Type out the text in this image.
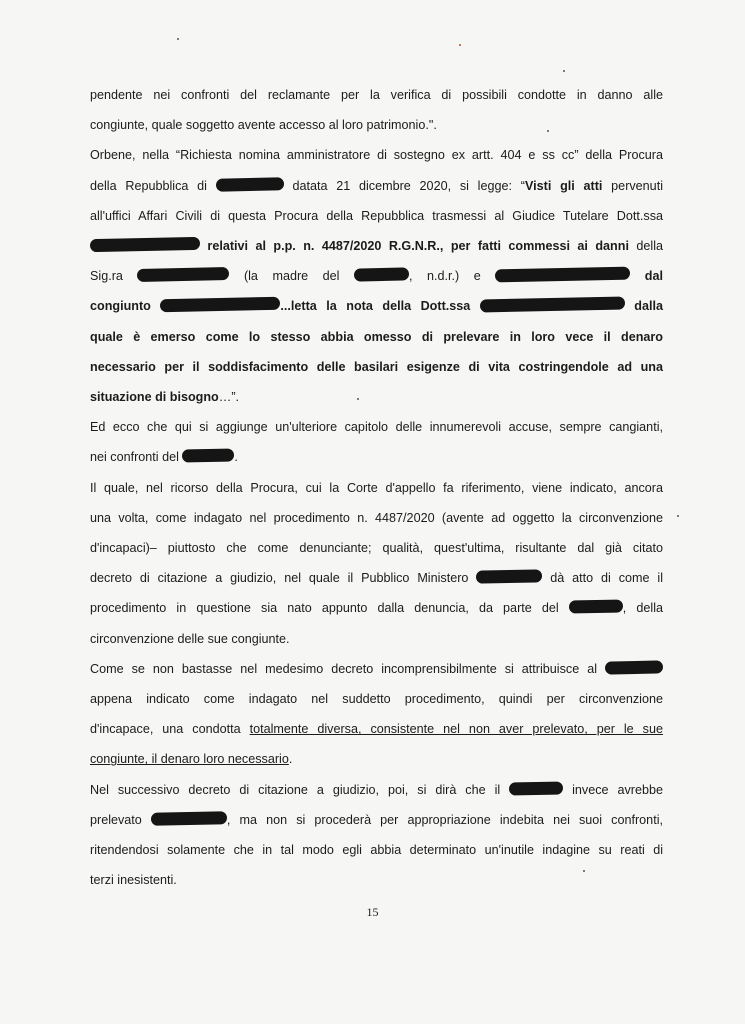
pendente nei confronti del reclamante per la verifica di possibili condotte in danno alle

congiunte, quale soggetto avente accesso al loro patrimonio.".

Orbene, nella “Richiesta nomina amministratore di sostegno ex artt. 404 e ss cc” della Procura

della Repubblica di	datata 21 dicembre 2020, si legge: “Visti gli atti pervenuti

all'uffici Affari Civili di questa Procura della Repubblica trasmessi al Giudice Tutelare Dott.ssa

relativi al p.p. n. 4487/2020 R.G.N.R., per fatti commessi ai danni della

Sig.ra	(la madre del	, n.d.r.) e	dal

congiunto	...letta la nota della Dott.ssa	dalla

quale è emerso come lo stesso abbia omesso di prelevare in loro vece il denaro

necessario per il soddisfacimento delle basilari esigenze di vita costringendole ad una

situazione di bisogno…”.

Ed ecco che qui si aggiunge un'ulteriore capitolo delle innumerevoli accuse, sempre cangianti,

nei confronti del	.

Il quale, nel ricorso della Procura, cui la Corte d'appello fa riferimento, viene indicato, ancora

una volta, come indagato nel procedimento n. 4487/2020 (avente ad oggetto la circonvenzione

d'incapaci)– piuttosto che come denunciante; qualità, quest'ultima, risultante dal già citato

decreto di citazione a giudizio, nel quale il Pubblico Ministero	dà atto di come il

procedimento in questione sia nato appunto dalla denuncia, da parte del	, della

circonvenzione delle sue congiunte.

Come se non bastasse nel medesimo decreto incomprensibilmente si attribuisce al

appena indicato come indagato nel suddetto procedimento, quindi per circonvenzione

d'incapace, una condotta totalmente diversa, consistente nel non aver prelevato, per le sue

congiunte, il denaro loro necessario.

Nel successivo decreto di citazione a giudizio, poi, si dirà che il	invece avrebbe

prelevato	, ma non si procederà per appropriazione indebita nei suoi confronti,

ritendendosi solamente che in tal modo egli abbia determinato un'inutile indagine su reati di

terzi inesistenti.

15
